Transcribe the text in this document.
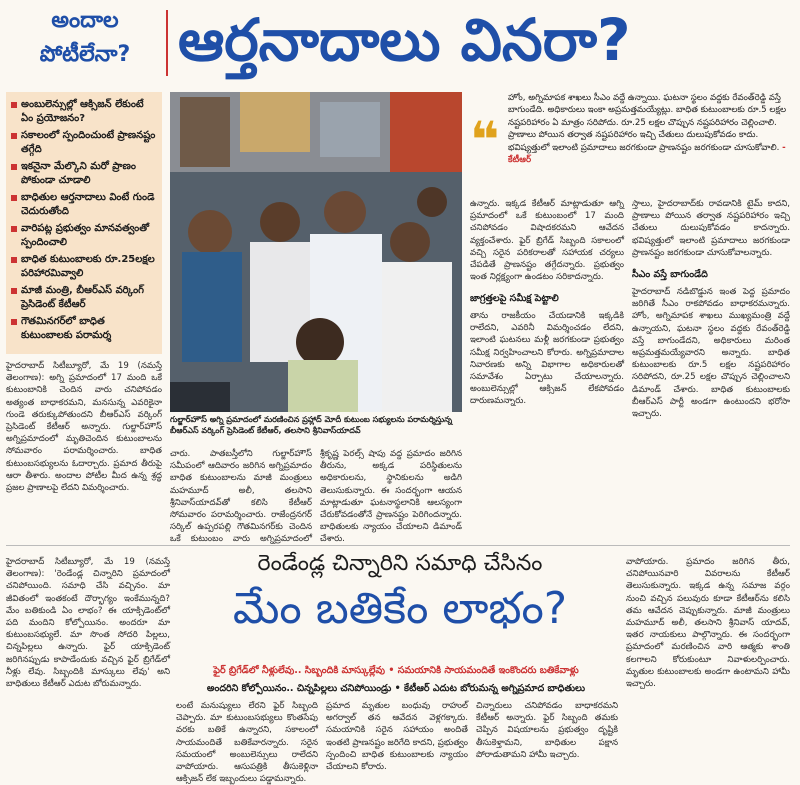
అందాల పోటీలేనా? ఆర్తనాదాలు వినరా?
అంబులెన్సుల్లో ఆక్సిజన్ లేకుంటే ఏం ప్రయోజనం?
సకాలంలో స్పందించుంటే ప్రాణనష్టం తగ్గేది
ఇకనైనా మేల్కొని మరో ప్రాణం పోకుండా చూడాలి
బాధితుల ఆర్తనాదాలు వింటే గుండె చెదురుతోంది
వారిపట్ల ప్రభుత్వం మానవత్వంతో స్పందించాలి
బాధిత కుటుంబాలకు రూ.25లక్షల పరిహారమివ్వాలి
మాజీ మంత్రి, బీఆర్ఎస్ వర్కింగ్ ప్రెసిడెంట్ కేటీఆర్
గౌతమినగర్‌లో బాధిత కుటుంబాలకు పరామర్శ
గుల్జార్‌హౌస్ అగ్ని ప్రమాదంలో మరణించిన ప్రహ్లాద్ మోదీ కుటుంబ సభ్యులను పరామర్శిస్తున్న బీఆర్ఎస్ వర్కింగ్ ప్రెసిడెంట్ కేటీఆర్, తలసాని శ్రీనివాస్‌యాదవ్
❝
హోం, అగ్నిమాపక శాఖలు సీఎం వద్దే ఉన్నాయి. ఘటనా స్థలం వద్దకు రేవంత్‌రెడ్డి వస్తే బాగుండేది. అధికారులు ఇంకా అప్రమత్తమయ్యేట్లు. బాధిత కుటుంబాలకు రూ.5 లక్షల నష్టపరిహారం ఏ మాత్రం సరిపోదు. రూ.25 లక్షల చొప్పున నష్టపరిహారం చెల్లించాలి. ప్రాణాలు పోయిన తర్వాత నష్టపరిహారం ఇచ్చి చేతులు దులుపుకోవడం కాదు. భవిష్యత్తులో ఇలాంటి ప్రమాదాలు జరగకుండా ప్రాణనష్టం జరగకుండా చూసుకోవాలి. - కేటీఆర్
హైదరాబాద్ సిటీబ్యూరో, మే 19 (నమస్తే తెలంగాణ): అగ్ని ప్రమాదంలో 17 మంది ఒకే కుటుంబానికి చెందిన వారు చనిపోవడం అత్యంత బాధాకరమని, మనసున్న ఎవరికైనా గుండె తరుక్కుపోతుందని బీఆర్ఎస్ వర్కింగ్ ప్రెసిడెంట్ కేటీఆర్ అన్నారు. గుల్జార్‌హౌస్ అగ్నిప్రమాదంలో మృతిచెందిన కుటుంబాలను సోమవారం పరామర్శించారు. బాధిత కుటుంబసభ్యులను ఓదార్చారు. ప్రమాద తీరుపై ఆరా తీశారు. అందాల పోటీల మీద ఉన్న శ్రద్ధ ప్రజల ప్రాణాలపై లేదని విమర్శించారు.
చారు. పాతబస్తీలోని గుల్జార్‌హౌస్ సమీపంలో ఆదివారం జరిగిన అగ్నిప్రమాదం బాధిత కుటుంబాలను మాజీ మంత్రులు మహమూద్ అలీ, తలసాని శ్రీనివాస్‌యాదవ్‌తో కలిసి కేటీఆర్ సోమవారం పరామర్శించారు. రాజేంద్రనగర్ సర్కిల్ ఉప్పరపల్లి గౌతమినగర్‌కు చెందిన ఒకే కుటుంబం వారు అగ్నిప్రమాదంలో
శ్రీకృష్ణ పెరల్స్ షాపు వద్ద ప్రమాదం జరిగిన తీరును, అక్కడ పరిస్థితులను అధికారులను, స్థానికులను అడిగి తెలుసుకున్నారు. ఈ సందర్భంగా ఆయన మాట్లాడుతూ ఘటనాస్థలానికి ఆలస్యంగా చేరుకోవడంతోనే ప్రాణనష్టం పెరిగిందన్నారు. బాధితులకు న్యాయం చేయాలని డిమాండ్ చేశారు.
ఉన్నారు. ఇక్కడ కేటీఆర్ మాట్లాడుతూ ఆగ్ని ప్రమాదంలో ఒకే కుటుంబంలో 17 మంది చనిపోవడం విషాదకరమని ఆవేదన వ్యక్తంచేశారు. ఫైర్ బ్రిగేడ్ సిబ్బంది సకాలంలో వచ్చి సరైన పరికరాలతో సహాయక చర్యలు చేపడితే ప్రాణనష్టం తగ్గేదన్నారు. ప్రభుత్వం ఇంత నిర్లక్ష్యంగా ఉండటం సరికాదన్నారు.
జాగ్రత్తలపై సమీక్ష పెట్టాలి
తాను రాజకీయం చేయడానికి ఇక్కడికి రాలేదని, ఎవరినీ విమర్శించడం లేదని, ఇలాంటి ఘటనలు మళ్లీ జరగకుండా ప్రభుత్వం సమీక్ష నిర్వహించాలని కోరారు. అగ్నిప్రమాదాల నివారణకు అన్ని విభాగాల అధికారులతో సమావేశం ఏర్పాటు చేయాలన్నారు. అంబులెన్సుల్లో ఆక్సిజన్ లేకపోవడం దారుణమన్నారు.
స్తాలు, హైదరాబాద్‌కు రావడానికి టైమ్ కాదని, ప్రాణాలు పోయిన తర్వాత నష్టపరిహారం ఇచ్చి చేతులు దులుపుకోవడం కాదన్నారు. భవిష్యత్తులో ఇలాంటి ప్రమాదాలు జరగకుండా ప్రాణనష్టం జరగకుండా చూసుకోవాలన్నారు.
సీఎం వస్తే బాగుండేది
హైదరాబాద్ నడిబొడ్డున ఇంత పెద్ద ప్రమాదం జరిగితే సీఎం రాకపోవడం బాధాకరమన్నారు. హోం, అగ్నిమాపక శాఖలు ముఖ్యమంత్రి వద్దే ఉన్నాయని, ఘటనా స్థలం వద్దకు రేవంత్‌రెడ్డి వస్తే బాగుండేదని, అధికారులు మరింత అప్రమత్తమయ్యేవారని అన్నారు. బాధిత కుటుంబాలకు రూ.5 లక్షల నష్టపరిహారం సరిపోదని, రూ.25 లక్షల చొప్పున చెల్లించాలని డిమాండ్ చేశారు. బాధిత కుటుంబాలకు బీఆర్ఎస్ పార్టీ అండగా ఉంటుందని భరోసా ఇచ్చారు.
రెండేండ్ల చిన్నారిని సమాధి చేసినం
మేం బతికేం లాభం?
ఫైర్ బ్రిగేడ్‌లో నీళ్లులేవు.. సిబ్బందికి మాస్కుల్లేవు • సమయానికి సాయమందితే ఇంకొందరు బతికేవాళ్లు
అందరిని కోల్పోయినం.. చిన్నపిల్లలు చనిపోయిండ్రు • కేటీఆర్ ఎదుట బోరుమన్న అగ్నిప్రమాద బాధితులు
హైదరాబాద్ సిటీబ్యూరో, మే 19 (నమస్తే తెలంగాణ): 'రెండేండ్ల చిన్నారిని ప్రమాదంలో చనిపోయింది. సమాధి చేసి వచ్చినం. మా జీవితంలో ఇంతకంటే దౌర్భాగ్యం ఇంకేమున్నది? మేం బతికుండి ఏం లాభం? ఈ యాక్సిడెంట్‌లో పది మందిని కోల్పోయినం. అందరూ మా కుటుంబసభ్యులే. మా సొంత సోదరి పిల్లలు, చిన్నపిల్లలు ఉన్నారు. ఫైర్ యాక్సిడెంట్ జరిగినప్పుడు కాపాడేందుకు వచ్చిన ఫైర్ బ్రిగేడ్‌లో నీళ్లు లేవు. సిబ్బందికి మాస్కులు లేవు' అని బాధితులు కేటీఆర్ ఎదుట బోరుమన్నారు.
లంటే మనుష్యులు లేరని ఫైర్ సిబ్బంది చెప్పారు. మా కుటుంబసభ్యులు కొంతసేపు వరకు బతికే ఉన్నారని, సకాలంలో సాయమందితే బతికేవారన్నారు. సరైన సమయంలో అంబులెన్సులు రాలేదని వాపోయారు. ఆసుపత్రికి తీసుకెళ్లినా ఆక్సిజన్ లేక ఇబ్బందులు పడ్డామన్నారు.
ప్రమాద మృతుల బంధువు రాహుల్ అగర్వాల్ తన ఆవేదన వెళ్లగక్కారు. సమయానికి సరైన సహాయం అందితే ఇంతటి ప్రాణనష్టం జరిగేది కాదని, ప్రభుత్వం స్పందించి బాధిత కుటుంబాలకు న్యాయం చేయాలని కోరారు.
చిన్నారులు చనిపోవడం బాధాకరమని కేటీఆర్ అన్నారు. ఫైర్ సిబ్బంది తమకు చెప్పిన విషయాలను ప్రభుత్వం దృష్టికి తీసుకెళ్తామని, బాధితుల పక్షాన పోరాడుతామని హామీ ఇచ్చారు.
వాపోయారు. ప్రమాదం జరిగిన తీరు, చనిపోయినవారి వివరాలను కేటీఆర్ తెలుసుకున్నారు. ఇక్కడ ఉన్న సమాజ వర్గం నుంచి వచ్చిన పలువురు కూడా కేటీఆర్‌ను కలిసి తమ ఆవేదన చెప్పుకున్నారు. మాజీ మంత్రులు మహమూద్ అలీ, తలసాని శ్రీనివాస్ యాదవ్, ఇతర నాయకులు పాల్గొన్నారు. ఈ సందర్భంగా ప్రమాదంలో మరణించిన వారి ఆత్మకు శాంతి కలగాలని కోరుకుంటూ నివాళులర్పించారు. మృతుల కుటుంబాలకు అండగా ఉంటామని హామీ ఇచ్చారు.
